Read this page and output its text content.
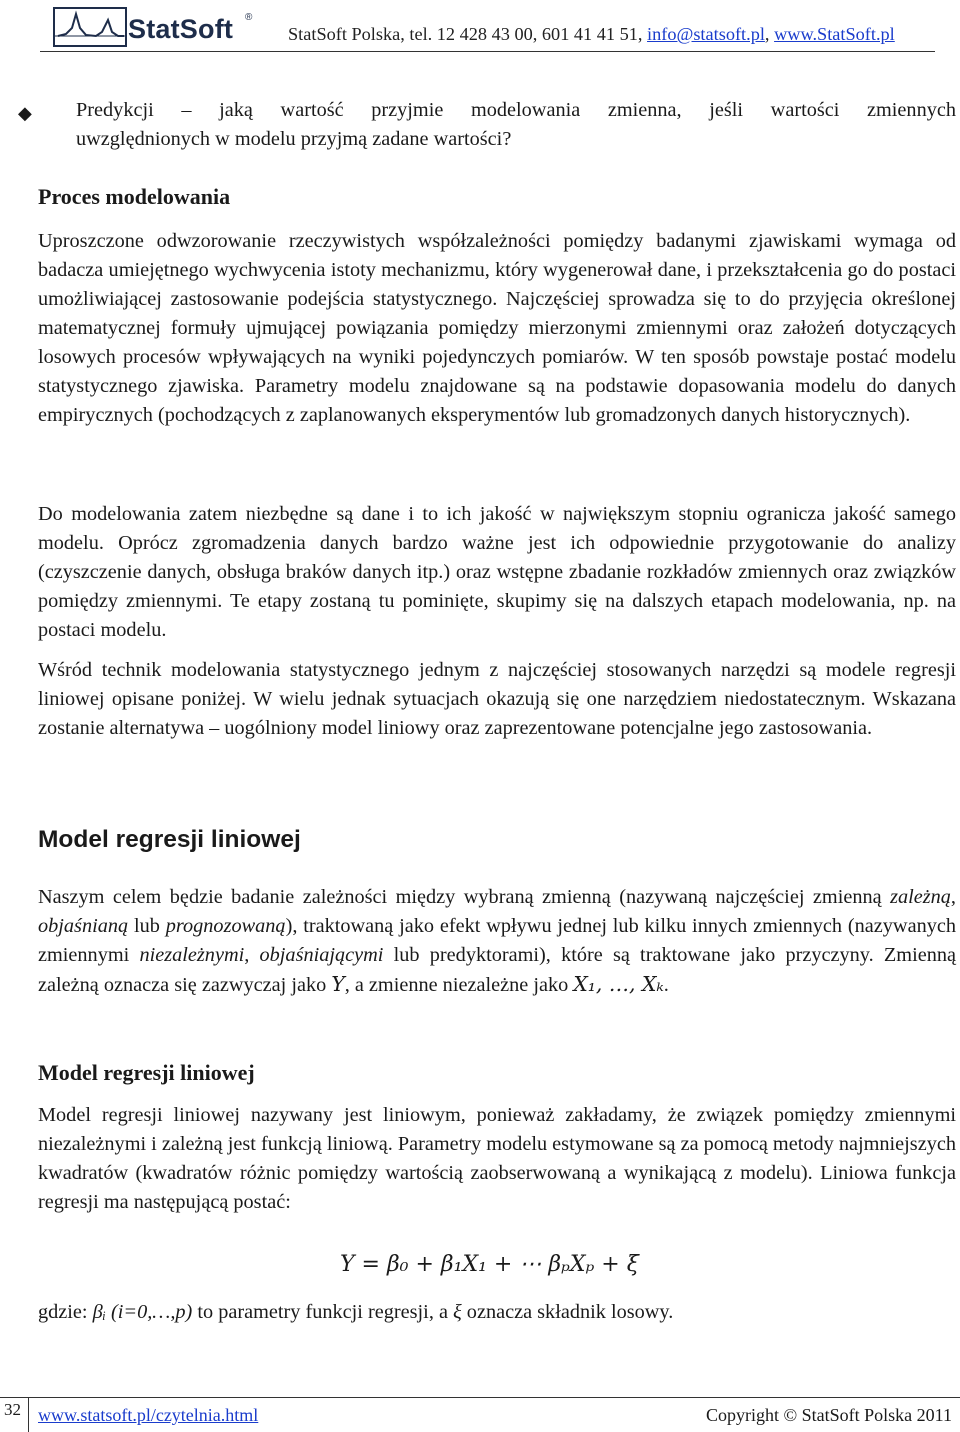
StatSoft ®
StatSoft Polska, tel. 12 428 43 00, 601 41 41 51, info@statsoft.pl, www.StatSoft.pl
◆ Predykcji – jaką wartość przyjmie modelowania zmienna, jeśli wartości zmiennych
uwzględnionych w modelu przyjmą zadane wartości?
Proces modelowania
Uproszczone odwzorowanie rzeczywistych współzależności pomiędzy badanymi zjawiskami wymaga od badacza umiejętnego wychwycenia istoty mechanizmu, który wygenerował dane, i przekształcenia go do postaci umożliwiającej zastosowanie podejścia statystycznego. Najczęściej sprowadza się to do przyjęcia określonej matematycznej formuły ujmującej powiązania pomiędzy mierzonymi zmiennymi oraz założeń dotyczących losowych procesów wpływających na wyniki pojedynczych pomiarów. W ten sposób powstaje postać modelu statystycznego zjawiska. Parametry modelu znajdowane są na podstawie dopasowania modelu do danych empirycznych (pochodzących z zaplanowanych eksperymentów lub gromadzonych danych historycznych).
Do modelowania zatem niezbędne są dane i to ich jakość w największym stopniu ogranicza jakość samego modelu. Oprócz zgromadzenia danych bardzo ważne jest ich odpowiednie przygotowanie do analizy (czyszczenie danych, obsługa braków danych itp.) oraz wstępne zbadanie rozkładów zmiennych oraz związków pomiędzy zmiennymi. Te etapy zostaną tu pominięte, skupimy się na dalszych etapach modelowania, np. na postaci modelu.
Wśród technik modelowania statystycznego jednym z najczęściej stosowanych narzędzi są modele regresji liniowej opisane poniżej. W wielu jednak sytuacjach okazują się one narzędziem niedostatecznym. Wskazana zostanie alternatywa – uogólniony model liniowy oraz zaprezentowane potencjalne jego zastosowania.
Model regresji liniowej
Naszym celem będzie badanie zależności między wybraną zmienną (nazywaną najczęściej zmienną zależną, objaśnianą lub prognozowaną), traktowaną jako efekt wpływu jednej lub kilku innych zmiennych (nazywanych zmiennymi niezależnymi, objaśniającymi lub predyktorami), które są traktowane jako przyczyny. Zmienną zależną oznacza się zazwyczaj jako Y, a zmienne niezależne jako X₁, …, Xₖ.
Model regresji liniowej
Model regresji liniowej nazywany jest liniowym, ponieważ zakładamy, że związek pomiędzy zmiennymi niezależnymi i zależną jest funkcją liniową. Parametry modelu estymowane są za pomocą metody najmniejszych kwadratów (kwadratów różnic pomiędzy wartością zaobserwowaną a wynikającą z modelu). Liniowa funkcja regresji ma następującą postać:
Y = β₀ + β₁X₁ + ⋯ βₚXₚ + ξ
gdzie: βᵢ (i=0,…,p) to parametry funkcji regresji, a ξ oznacza składnik losowy.
32 www.statsoft.pl/czytelnia.html	Copyright © StatSoft Polska 2011
